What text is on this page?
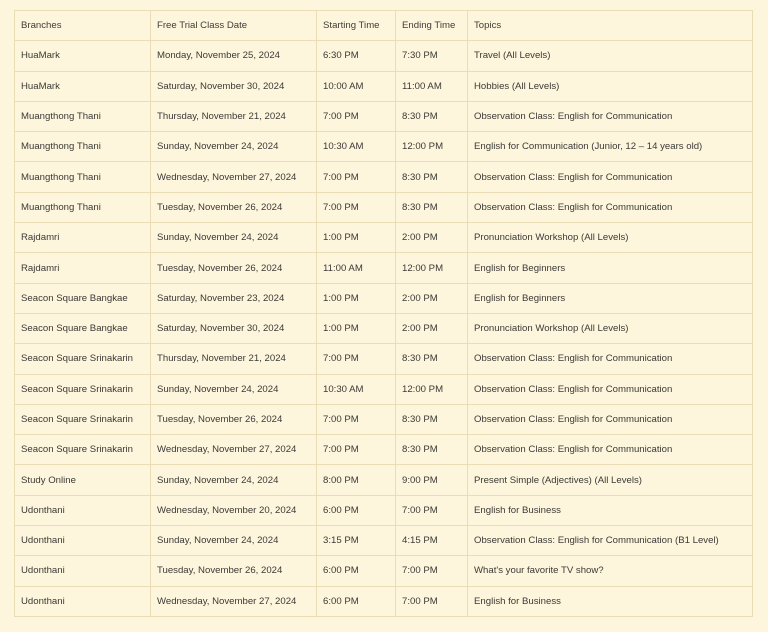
Branches	Free Trial Class Date	Starting Time	Ending Time	Topics
HuaMark	Monday, November 25, 2024	6:30 PM	7:30 PM	Travel (All Levels)
HuaMark	Saturday, November 30, 2024	10:00 AM	11:00 AM	Hobbies (All Levels)
Muangthong Thani	Thursday, November 21, 2024	7:00 PM	8:30 PM	Observation Class: English for Communication
Muangthong Thani	Sunday, November 24, 2024	10:30 AM	12:00 PM	English for Communication (Junior, 12 – 14 years old)
Muangthong Thani	Wednesday, November 27, 2024	7:00 PM	8:30 PM	Observation Class: English for Communication
Muangthong Thani	Tuesday, November 26, 2024	7:00 PM	8:30 PM	Observation Class: English for Communication
Rajdamri	Sunday, November 24, 2024	1:00 PM	2:00 PM	Pronunciation Workshop (All Levels)
Rajdamri	Tuesday, November 26, 2024	11:00 AM	12:00 PM	English for Beginners
Seacon Square Bangkae	Saturday, November 23, 2024	1:00 PM	2:00 PM	English for Beginners
Seacon Square Bangkae	Saturday, November 30, 2024	1:00 PM	2:00 PM	Pronunciation Workshop (All Levels)
Seacon Square Srinakarin	Thursday, November 21, 2024	7:00 PM	8:30 PM	Observation Class: English for Communication
Seacon Square Srinakarin	Sunday, November 24, 2024	10:30 AM	12:00 PM	Observation Class: English for Communication
Seacon Square Srinakarin	Tuesday, November 26, 2024	7:00 PM	8:30 PM	Observation Class: English for Communication
Seacon Square Srinakarin	Wednesday, November 27, 2024	7:00 PM	8:30 PM	Observation Class: English for Communication
Study Online	Sunday, November 24, 2024	8:00 PM	9:00 PM	Present Simple (Adjectives) (All Levels)
Udonthani	Wednesday, November 20, 2024	6:00 PM	7:00 PM	English for Business
Udonthani	Sunday, November 24, 2024	3:15 PM	4:15 PM	Observation Class: English for Communication (B1 Level)
Udonthani	Tuesday, November 26, 2024	6:00 PM	7:00 PM	What's your favorite TV show?
Udonthani	Wednesday, November 27, 2024	6:00 PM	7:00 PM	English for Business
